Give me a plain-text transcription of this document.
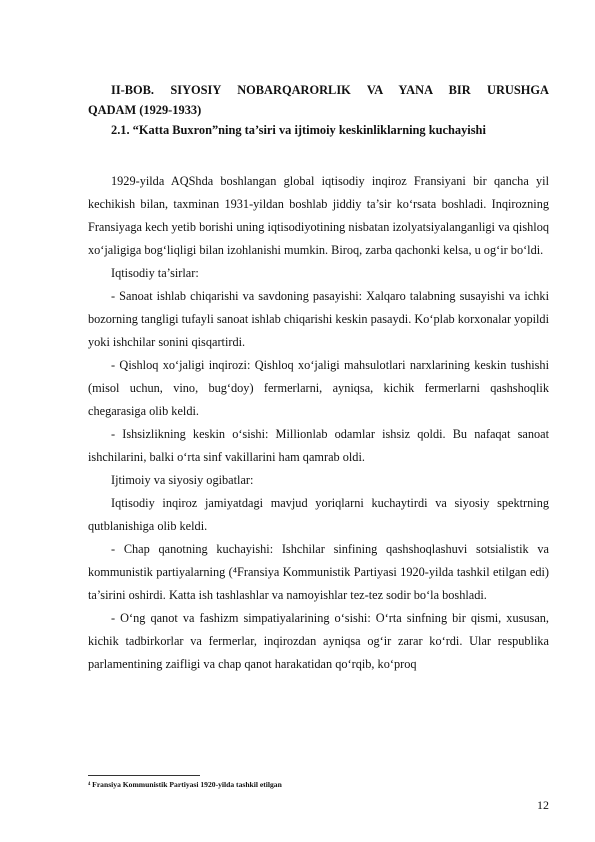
II-BOB. SIYOSIY NOBARQARORLIK VA YANA BIR URUSHGA
QADAM (1929-1933)
2.1. “Katta Buxron”ning ta’siri va ijtimoiy keskinliklarning kuchayishi

1929-yilda AQShda boshlangan global iqtisodiy inqiroz Fransiyani bir qancha yil kechikish bilan, taxminan 1931-yildan boshlab jiddiy ta’sir ko‘rsata boshladi. Inqirozning Fransiyaga kech yetib borishi uning iqtisodiyotining nisbatan izolyatsiyalanganligi va qishloq xo‘jaligiga bog‘liqligi bilan izohlanishi mumkin. Biroq, zarba qachonki kelsa, u og‘ir bo‘ldi.

Iqtisodiy ta’sirlar:

- Sanoat ishlab chiqarishi va savdoning pasayishi: Xalqaro talabning susayishi va ichki bozorning tangligi tufayli sanoat ishlab chiqarishi keskin pasaydi. Ko‘plab korxonalar yopildi yoki ishchilar sonini qisqartirdi.

- Qishloq xo‘jaligi inqirozi: Qishloq xo‘jaligi mahsulotlari narxlarining keskin tushishi (misol uchun, vino, bug‘doy) fermerlarni, ayniqsa, kichik fermerlarni qashshoqlik chegarasiga olib keldi.

- Ishsizlikning keskin o‘sishi: Millionlab odamlar ishsiz qoldi. Bu nafaqat sanoat ishchilarini, balki o‘rta sinf vakillarini ham qamrab oldi.

Ijtimoiy va siyosiy ogibatlar:

Iqtisodiy inqiroz jamiyatdagi mavjud yoriqlarni kuchaytirdi va siyosiy spektrning qutblanishiga olib keldi.

- Chap qanotning kuchayishi: Ishchilar sinfining qashshoqlashuvi sotsialistik va kommunistik partiyalarning (⁴Fransiya Kommunistik Partiyasi 1920-yilda tashkil etilgan edi) ta’sirini oshirdi. Katta ish tashlashlar va namoyishlar tez-tez sodir bo‘la boshladi.

- O‘ng qanot va fashizm simpatiyalarining o‘sishi: O‘rta sinfning bir qismi, xususan, kichik tadbirkorlar va fermerlar, inqirozdan ayniqsa og‘ir zarar ko‘rdi. Ular respublika parlamentining zaifligi va chap qanot harakatidan qo‘rqib, ko‘proq

⁴ Fransiya Kommunistik Partiyasi 1920-yilda tashkil etilgan
12
